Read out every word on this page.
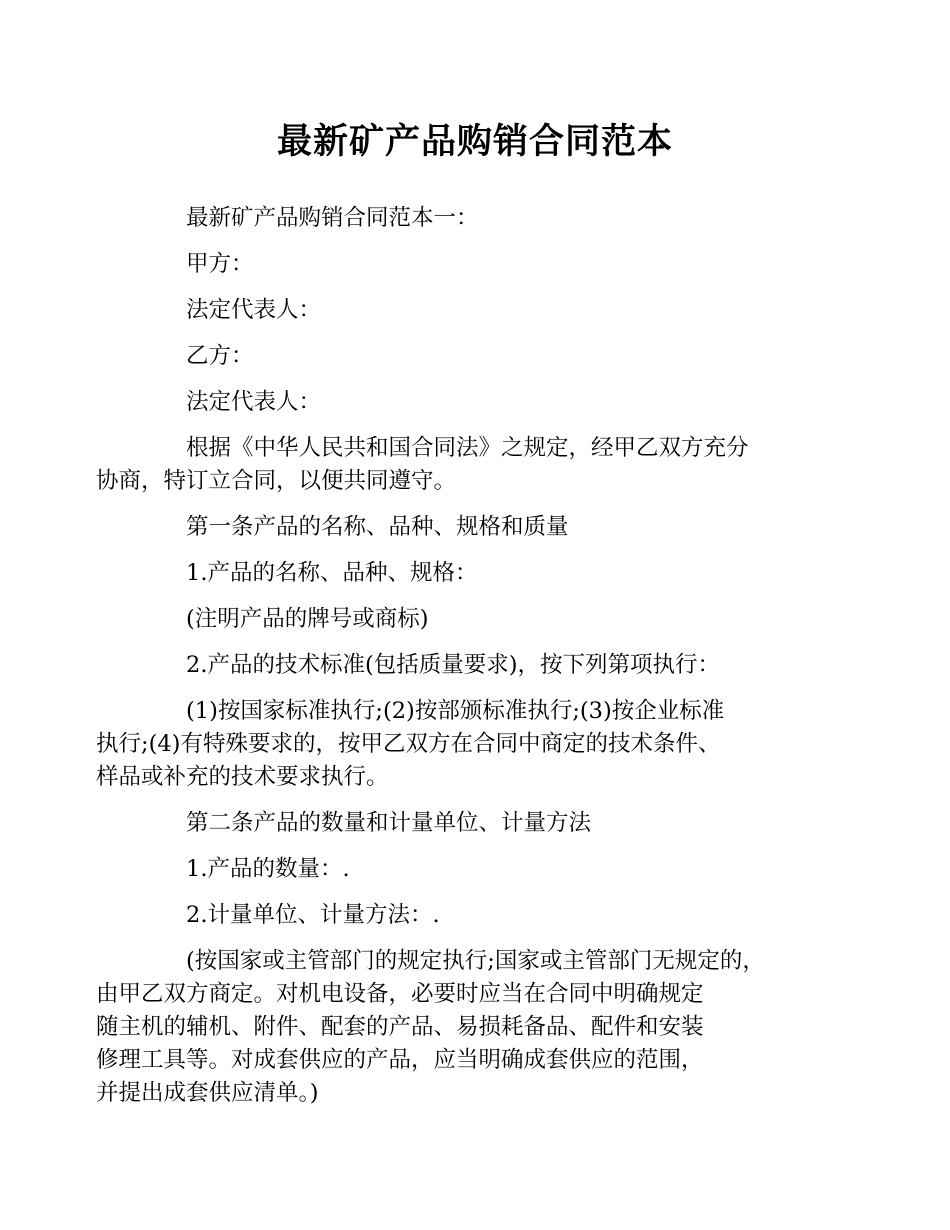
最新矿产品购销合同范本
最新矿产品购销合同范本一：
甲方：
法定代表人：
乙方：
法定代表人：
根据《中华人民共和国合同法》之规定，经甲乙双方充分
协商，特订立合同，以便共同遵守。
第一条产品的名称、品种、规格和质量
1.产品的名称、品种、规格：
(注明产品的牌号或商标)
2.产品的技术标准(包括质量要求)，按下列第项执行：
(1)按国家标准执行;(2)按部颁标准执行;(3)按企业标准
执行;(4)有特殊要求的，按甲乙双方在合同中商定的技术条件、
样品或补充的技术要求执行。
第二条产品的数量和计量单位、计量方法
1.产品的数量：.
2.计量单位、计量方法：.
(按国家或主管部门的规定执行;国家或主管部门无规定的，
由甲乙双方商定。对机电设备，必要时应当在合同中明确规定
随主机的辅机、附件、配套的产品、易损耗备品、配件和安装
修理工具等。对成套供应的产品，应当明确成套供应的范围，
并提出成套供应清单。)
